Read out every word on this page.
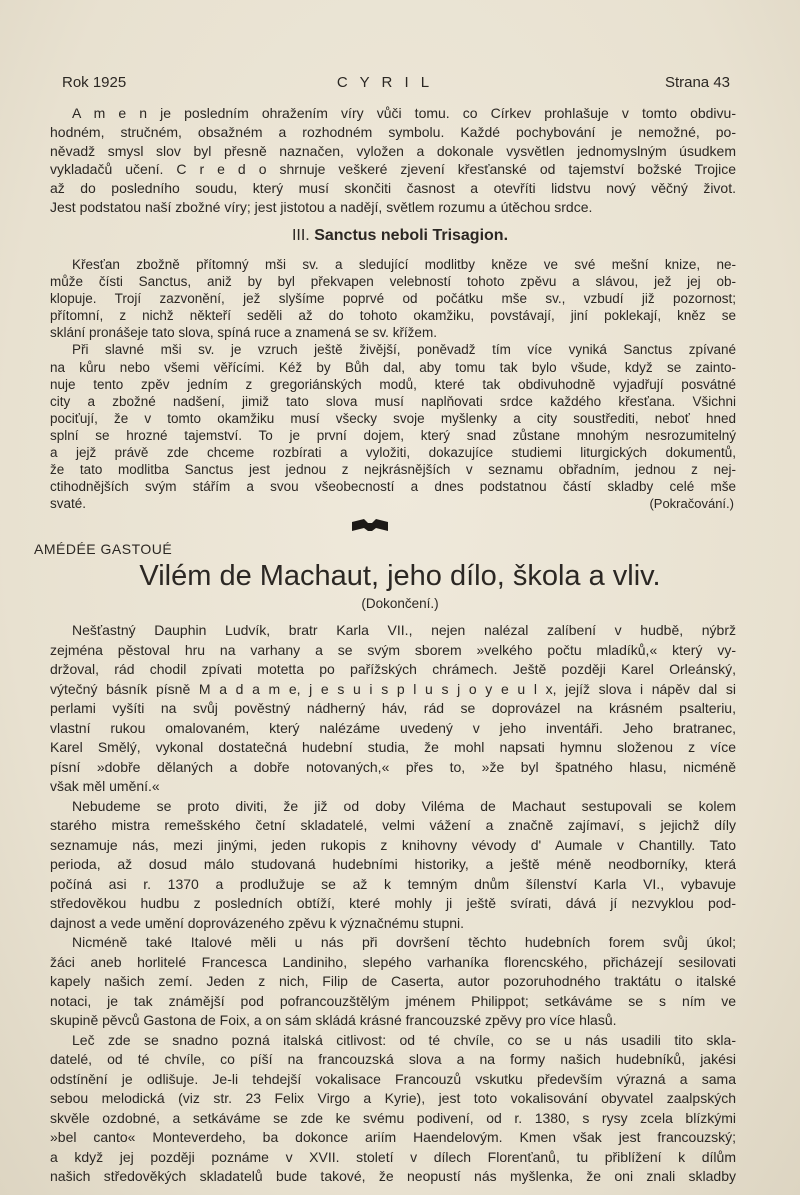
Rok 1925	C Y R I L	Strana 43
A m e n je posledním ohražením víry vůči tomu. co Církev prohlašuje v tomto obdivu-
hodném, stručném, obsažném a rozhodném symbolu. Každé pochybování je nemožné, po-
něvadž smysl slov byl přesně naznačen, vyložen a dokonale vysvětlen jednomyslným úsudkem
vykladačů učení. C r e d o shrnuje veškeré zjevení křesťanské od tajemství božské Trojice
až do posledního soudu, který musí skončiti časnost a otevříti lidstvu nový věčný život.
Jest podstatou naší zbožné víry; jest jistotou a nadějí, světlem rozumu a útěchou srdce.
III. Sanctus neboli Trisagion.
Křesťan zbožně přítomný mši sv. a sledující modlitby kněze ve své mešní knize, ne-
může čísti Sanctus, aniž by byl překvapen velebností tohoto zpěvu a slávou, jež jej ob-
klopuje. Trojí zazvonění, jež slyšíme poprvé od počátku mše sv., vzbudí již pozornost;
přítomní, z nichž někteří seděli až do tohoto okamžiku, povstávají, jiní poklekají, kněz se
sklání pronášeje tato slova, spíná ruce a znamená se sv. křížem.
Při slavné mši sv. je vzruch ještě živější, poněvadž tím více vyniká Sanctus zpívané
na kůru nebo všemi věřícími. Kéž by Bůh dal, aby tomu tak bylo všude, když se zainto-
nuje tento zpěv jedním z gregoriánských modů, které tak obdivuhodně vyjadřují posvátné
city a zbožné nadšení, jimiž tato slova musí naplňovati srdce každého křesťana. Všichni
pociťují, že v tomto okamžiku musí všecky svoje myšlenky a city soustřediti, neboť hned
splní se hrozné tajemství. To je první dojem, který snad zůstane mnohým nesrozumitelný
a jejž právě zde chceme rozbírati a vyložiti, dokazujíce studiemi liturgických dokumentů,
že tato modlitba Sanctus jest jednou z nejkrásnějších v seznamu obřadním, jednou z nej-
ctihodnějších svým stářím a svou všeobecností a dnes podstatnou částí skladby celé mše
svaté.	(Pokračování.)
AMÉDÉE GASTOUÉ
Vilém de Machaut, jeho dílo, škola a vliv.
(Dokončení.)
Nešťastný Dauphin Ludvík, bratr Karla VII., nejen nalézal zalíbení v hudbě, nýbrž
zejména pěstoval hru na varhany a se svým sborem »velkého počtu mladíků,« který vy-
držoval, rád chodil zpívati motetta po pařížských chrámech. Ještě později Karel Orleánský,
výtečný básník písně M a d a m e, j e s u i s p l u s j o y e u l x, jejíž slova i nápěv dal si
perlami vyšíti na svůj pověstný nádherný háv, rád se doprovázel na krásném psalteriu,
vlastní rukou omalovaném, který nalézáme uvedený v jeho inventáři. Jeho bratranec,
Karel Smělý, vykonal dostatečná hudební studia, že mohl napsati hymnu složenou z více
písní »dobře dělaných a dobře notovaných,« přes to, »že byl špatného hlasu, nicméně
však měl umění.«
Nebudeme se proto diviti, že již od doby Viléma de Machaut sestupovali se kolem
starého mistra remešského četní skladatelé, velmi vážení a značně zajímaví, s jejichž díly
seznamuje nás, mezi jinými, jeden rukopis z knihovny vévody d' Aumale v Chantilly. Tato
perioda, až dosud málo studovaná hudebními historiky, a ještě méně neodborníky, která
počíná asi r. 1370 a prodlužuje se až k temným dnům šílenství Karla VI., vybavuje
středověkou hudbu z posledních obtíží, které mohly ji ještě svírati, dává jí nezvyklou pod-
dajnost a vede umění doprovázeného zpěvu k význačnému stupni.
Nicméně také Italové měli u nás při dovršení těchto hudebních forem svůj úkol;
žáci aneb horlitelé Francesca Landiniho, slepého varhaníka florencského, přicházejí sesilovati
kapely našich zemí. Jeden z nich, Filip de Caserta, autor pozoruhodného traktátu o italské
notaci, je tak známější pod pofrancouzštělým jménem Philippot; setkáváme se s ním ve
skupině pěvců Gastona de Foix, a on sám skládá krásné francouzské zpěvy pro více hlasů.
Leč zde se snadno pozná italská citlivost: od té chvíle, co se u nás usadili tito skla-
datelé, od té chvíle, co píší na francouzská slova a na formy našich hudebníků, jakési
odstínění je odlišuje. Je-li tehdejší vokalisace Francouzů vskutku především výrazná a sama
sebou melodická (viz str. 23 Felix Virgo a Kyrie), jest toto vokalisování obyvatel zaalpských
skvěle ozdobné, a setkáváme se zde ke svému podivení, od r. 1380, s rysy zcela blízkými
»bel canto« Monteverdeho, ba dokonce ariím Haendelovým. Kmen však jest francouzský;
a když jej později poznáme v XVII. století v dílech Florenťanů, tu přiblížení k dílům
našich středověkých skladatelů bude takové, že neopustí nás myšlenka, že oni znali skladby
